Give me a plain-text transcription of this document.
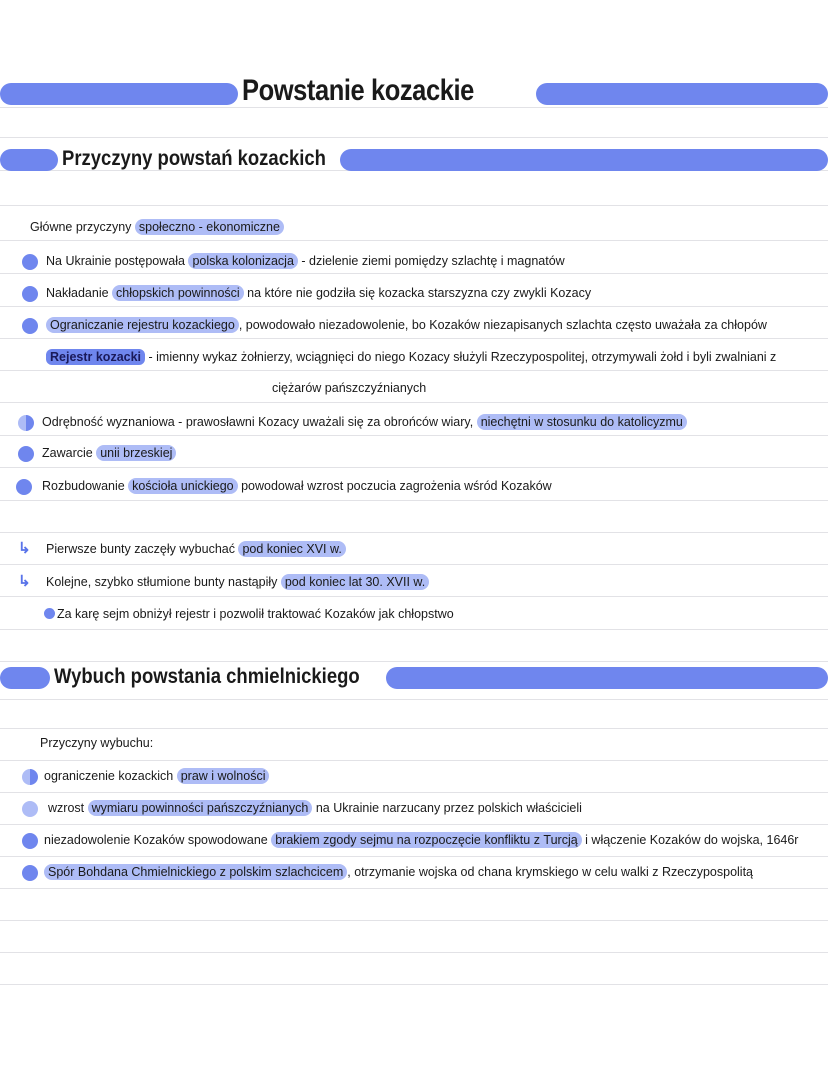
Powstanie kozackie
Przyczyny powstań kozackich
Wybuch powstania chmielnickiego
Główne przyczyny społeczno - ekonomiczne
Na Ukrainie postępowała polska kolonizacja - dzielenie ziemi pomiędzy szlachtę i magnatów
Nakładanie chłopskich powinności na które nie godziła się kozacka starszyzna czy zwykli Kozacy
Ograniczanie rejestru kozackiego , powodowało niezadowolenie, bo Kozaków niezapisanych szlachta często uważała za chłopów
Rejestr kozacki - imienny wykaz żołnierzy, wciągnięci do niego Kozacy służyli Rzeczypospolitej, otrzymywali żołd i byli zwalniani z
ciężarów pańszczyźnianych
Odrębność wyznaniowa - prawosławni Kozacy uważali się za obrońców wiary, niechętni w stosunku do katolicyzmu
Zawarcie unii brzeskiej
Rozbudowanie kościoła unickiego powodował wzrost poczucia zagrożenia wśród Kozaków
↳ Pierwsze bunty zaczęły wybuchać pod koniec XVI w.
↳ Kolejne, szybko stłumione bunty nastąpiły pod koniec lat 30. XVII w.
Za karę sejm obniżył rejestr i pozwolił traktować Kozaków jak chłopstwo
Przyczyny wybuchu:
ograniczenie kozackich praw i wolności
wzrost wymiaru powinności pańszczyźnianych na Ukrainie narzucany przez polskich właścicieli
niezadowolenie Kozaków spowodowane brakiem zgody sejmu na rozpoczęcie konfliktu z Turcją i włączenie Kozaków do wojska, 1646r
Spór Bohdana Chmielnickiego z polskim szlachcicem , otrzymanie wojska od chana krymskiego w celu walki z Rzeczypospolitą
